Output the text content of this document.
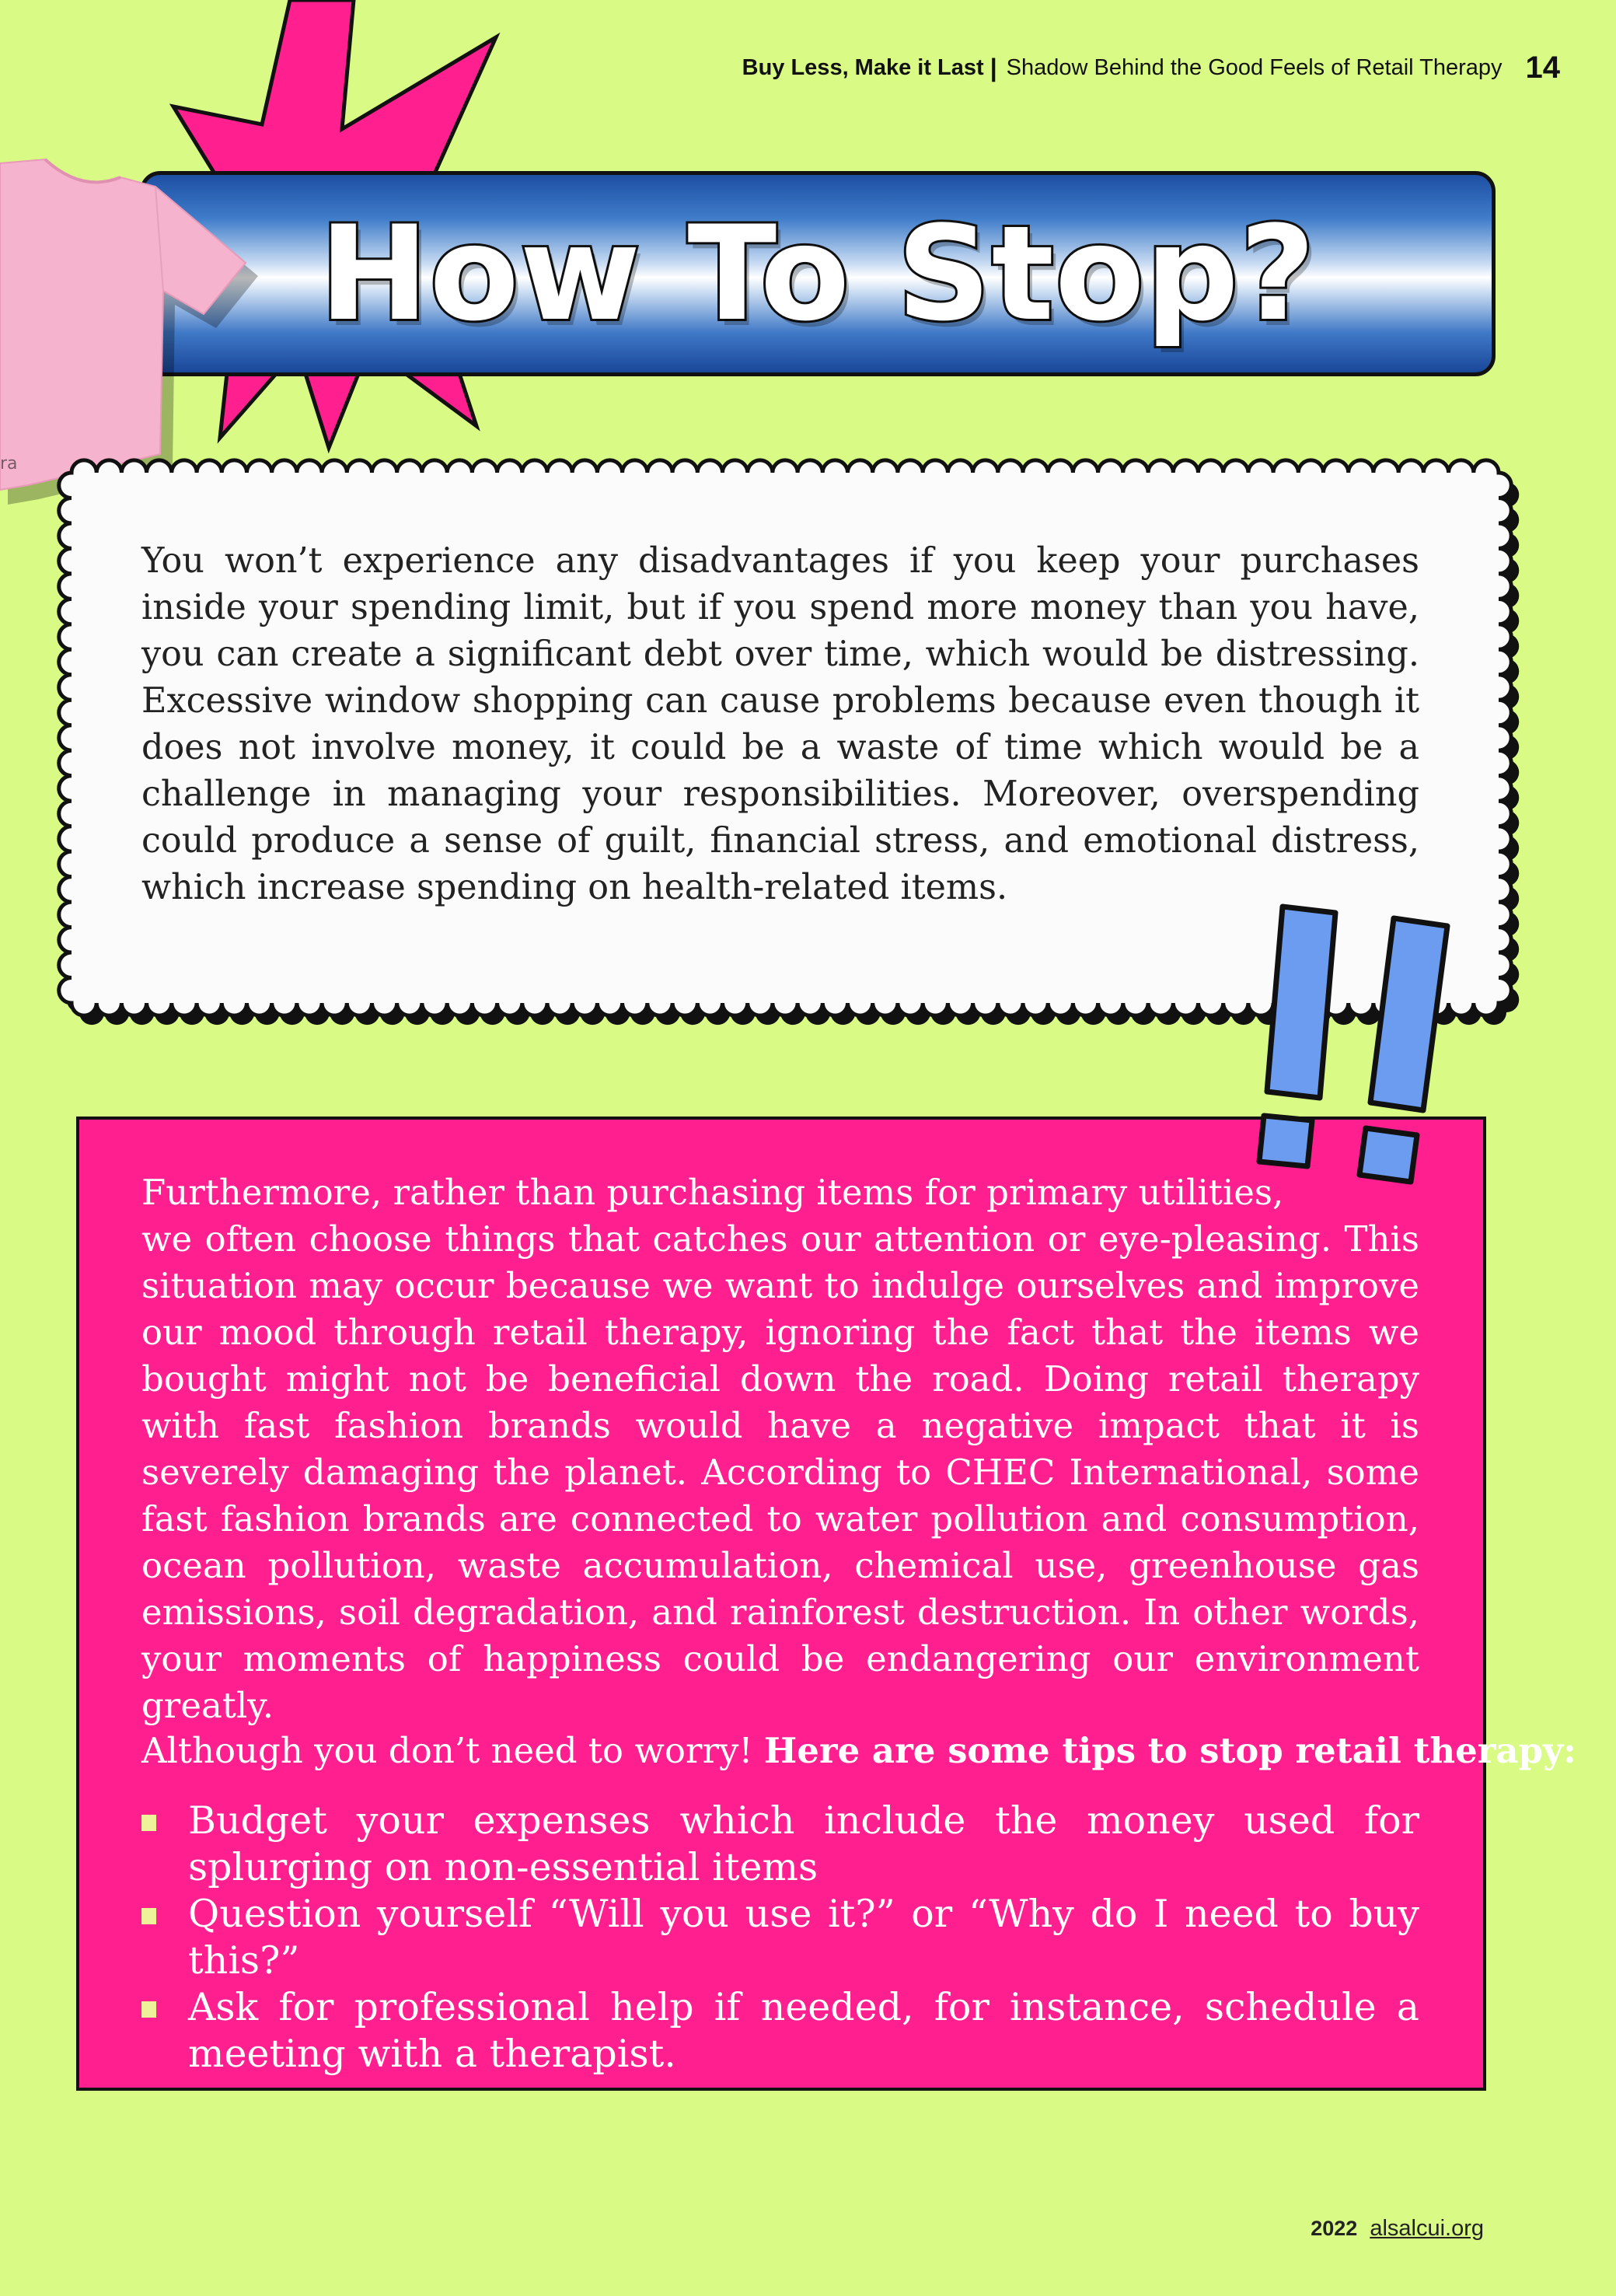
Buy Less, Make it Last | Shadow Behind the Good Feels of Retail Therapy 14
How To Stop?
ra

You won’t experience any disadvantages if you keep your purchases inside your spending limit, but if you spend more money than you have, you can create a significant debt over time, which would be distressing. Excessive window shopping can cause problems because even though it does not involve money, it could be a waste of time which would be a challenge in managing your responsibilities. Moreover, overspending could produce a sense of guilt, financial stress, and emotional distress, which increase spending on health-related items.

Furthermore, rather than purchasing items for primary utilities,
we often choose things that catches our attention or eye-pleasing. This situation may occur because we want to indulge ourselves and improve our mood through retail therapy, ignoring the fact that the items we bought might not be beneficial down the road. Doing retail therapy with fast fashion brands would have a negative impact that it is severely damaging the planet. According to CHEC International, some fast fashion brands are connected to water pollution and consumption, ocean pollution, waste accumulation, chemical use, greenhouse gas emissions, soil degradation, and rainforest destruction. In other words, your moments of happiness could be endangering our environment greatly.

Although you don’t need to worry! Here are some tips to stop retail therapy:

Budget your expenses which include the money used for splurging on non-essential items
Question yourself “Will you use it?” or “Why do I need to buy this?”
Ask for professional help if needed, for instance, schedule a meeting with a therapist.
2022 alsalcui.org
